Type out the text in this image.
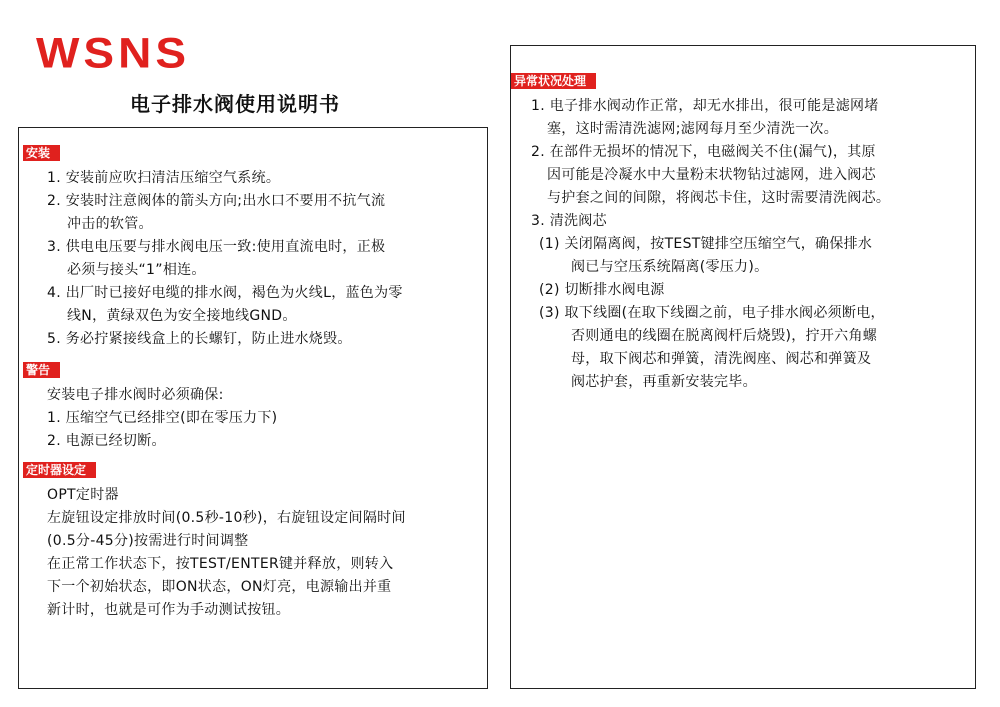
WSNS
电子排水阀使用说明书
安装
1. 安装前应吹扫清洁压缩空气系统。
2. 安装时注意阀体的箭头方向;出水口不要用不抗气流
冲击的软管。
3. 供电电压要与排水阀电压一致:使用直流电时，正极
必须与接头“1”相连。
4. 出厂时已接好电缆的排水阀，褐色为火线L，蓝色为零
线N，黄绿双色为安全接地线GND。
5. 务必拧紧接线盒上的长螺钉，防止进水烧毁。
警告
安装电子排水阀时必须确保:
1. 压缩空气已经排空(即在零压力下)
2. 电源已经切断。
定时器设定
OPT定时器
左旋钮设定排放时间(0.5秒-10秒)，右旋钮设定间隔时间
(0.5分-45分)按需进行时间调整
在正常工作状态下，按TEST/ENTER键并释放，则转入
下一个初始状态，即ON状态，ON灯亮，电源输出并重
新计时，也就是可作为手动测试按钮。
异常状况处理
1. 电子排水阀动作正常，却无水排出，很可能是滤网堵
塞，这时需清洗滤网;滤网每月至少清洗一次。
2. 在部件无损坏的情况下，电磁阀关不住(漏气)，其原
因可能是冷凝水中大量粉末状物钻过滤网，进入阀芯
与护套之间的间隙，将阀芯卡住，这时需要清洗阀芯。
3. 清洗阀芯
(1) 关闭隔离阀，按TEST键排空压缩空气，确保排水
阀已与空压系统隔离(零压力)。
(2) 切断排水阀电源
(3) 取下线圈(在取下线圈之前，电子排水阀必须断电，
否则通电的线圈在脱离阀杆后烧毁)，拧开六角螺
母，取下阀芯和弹簧，清洗阀座、阀芯和弹簧及
阀芯护套，再重新安装完毕。
